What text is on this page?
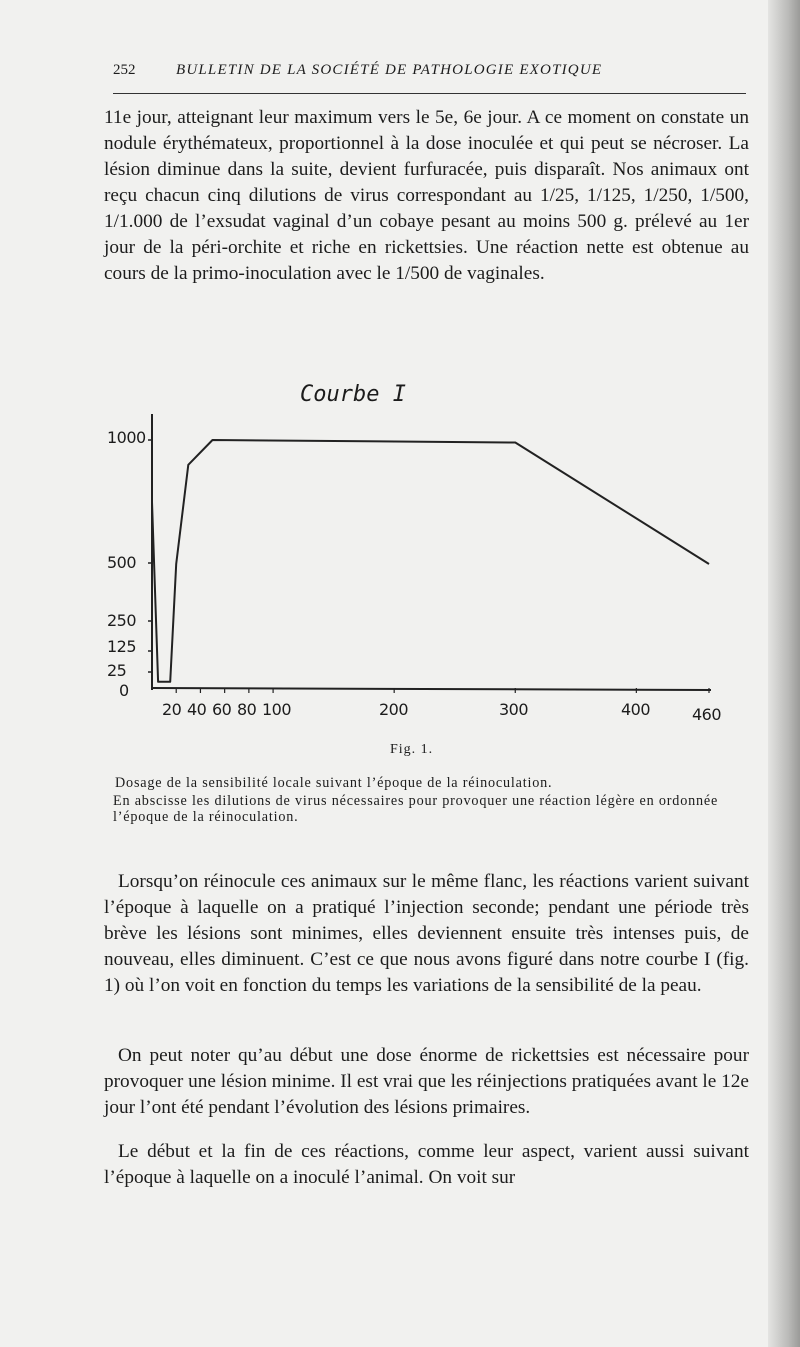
252	BULLETIN DE LA SOCIÉTÉ DE PATHOLOGIE EXOTIQUE

11e jour, atteignant leur maximum vers le 5e, 6e jour. A ce moment on constate un nodule érythémateux, proportionnel à la dose inoculée et qui peut se nécroser. La lésion diminue dans la suite, devient furfuracée, puis disparaît. Nos animaux ont reçu chacun cinq dilutions de virus correspondant au 1/25, 1/125, 1/250, 1/500, 1/1.000 de l’exsudat vaginal d’un cobaye pesant au moins 500 g. prélevé au 1er jour de la péri-orchite et riche en rickettsies. Une réaction nette est obtenue au cours de la primo-inoculation avec le 1/500 de vaginales.

Courbe I
1000
500
250
125
25
0
20 40 60 80 100	200	300	400	460
Fig. 1.

Dosage de la sensibilité locale suivant l’époque de la réinoculation.

En abscisse les dilutions de virus nécessaires pour provoquer une réaction légère en ordonnée l’époque de la réinoculation.

Lorsqu’on réinocule ces animaux sur le même flanc, les réactions varient suivant l’époque à laquelle on a pratiqué l’injection seconde; pendant une période très brève les lésions sont minimes, elles deviennent ensuite très intenses puis, de nouveau, elles diminuent. C’est ce que nous avons figuré dans notre courbe I (fig. 1) où l’on voit en fonction du temps les variations de la sensibilité de la peau.

On peut noter qu’au début une dose énorme de rickettsies est nécessaire pour provoquer une lésion minime. Il est vrai que les réinjections pratiquées avant le 12e jour l’ont été pendant l’évolution des lésions primaires.

Le début et la fin de ces réactions, comme leur aspect, varient aussi suivant l’époque à laquelle on a inoculé l’animal. On voit sur
